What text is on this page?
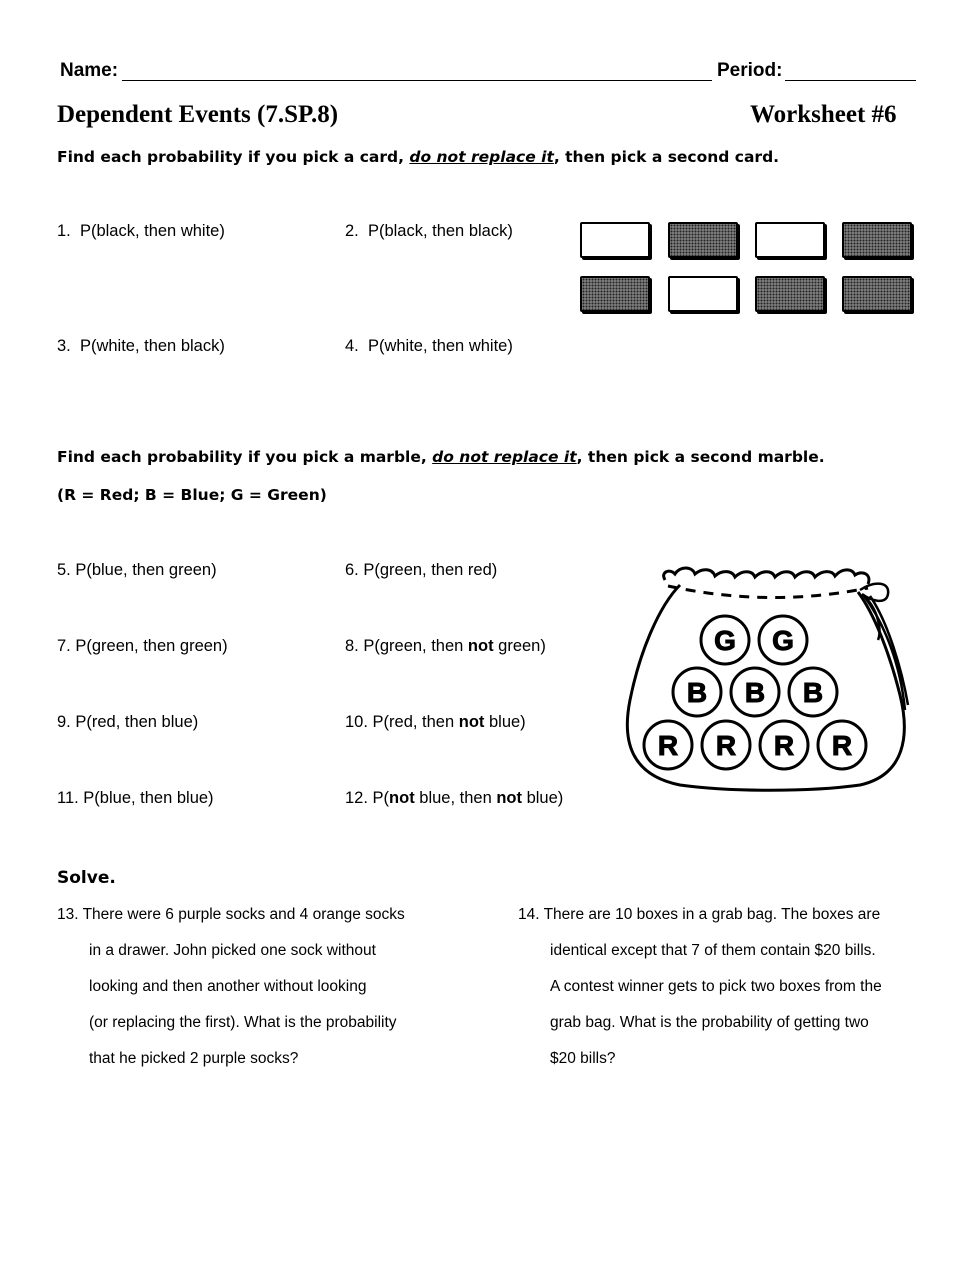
Name:	Period:
Dependent Events (7.SP.8)	Worksheet #6
Find each probability if you pick a card, do not replace it, then pick a second card.
1. P(black, then white)	2. P(black, then black)
3. P(white, then black)	4. P(white, then white)
Find each probability if you pick a marble, do not replace it, then pick a second marble.
(R = Red; B = Blue; G = Green)
5. P(blue, then green)	6. P(green, then red)
7. P(green, then green)	8. P(green, then not green)
9. P(red, then blue)	10. P(red, then not blue)
11. P(blue, then blue)	12. P(not blue, then not blue)
G G
B B B
R R R R
Solve.
13. There were 6 purple socks and 4 orange socks
in a drawer. John picked one sock without
looking and then another without looking
(or replacing the first). What is the probability
that he picked 2 purple socks?
14. There are 10 boxes in a grab bag. The boxes are
identical except that 7 of them contain $20 bills.
A contest winner gets to pick two boxes from the
grab bag. What is the probability of getting two
$20 bills?
